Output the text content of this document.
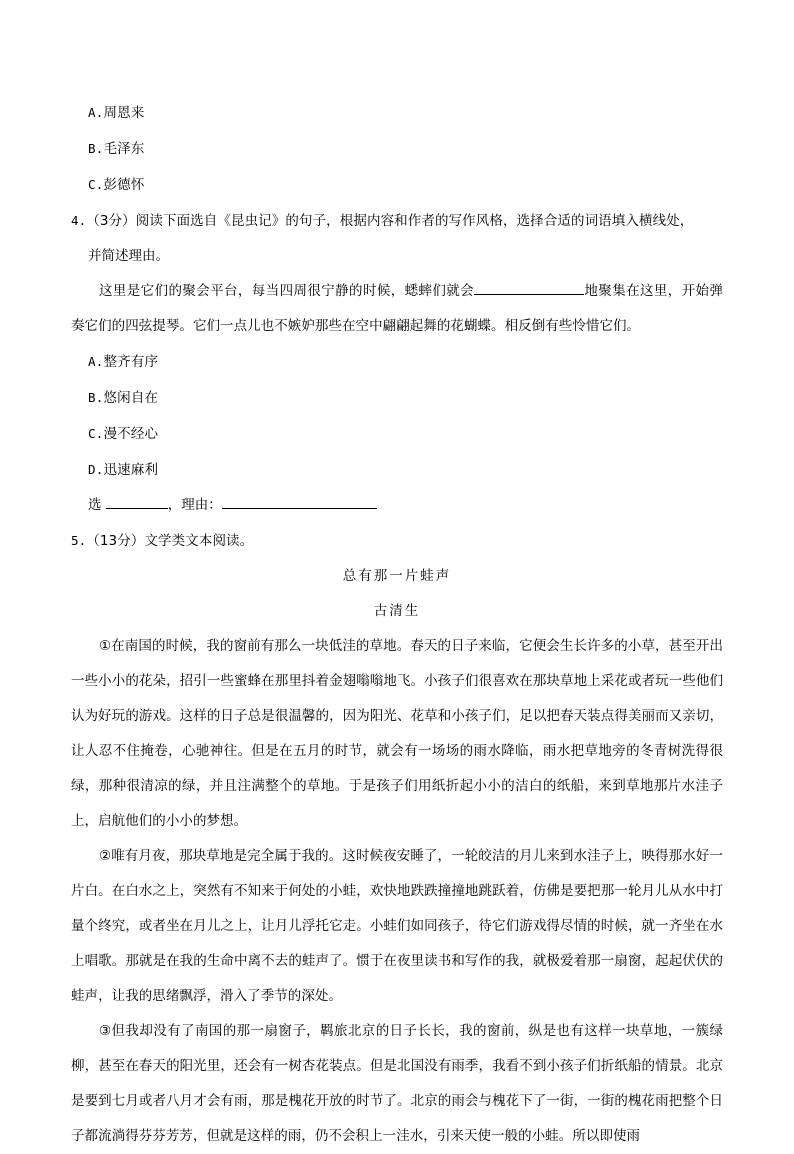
A.周恩来
B.毛泽东
C.彭德怀
4.（3分）阅读下面选自《昆虫记》的句子，根据内容和作者的写作风格，选择合适的词语填入横线处，
并简述理由。
这里是它们的聚会平台，每当四周很宁静的时候，蟋蟀们就会	地聚集在这里，开始弹奏它们的四弦提琴。它们一点儿也不嫉妒那些在空中翩翩起舞的花蝴蝶。相反倒有些怜惜它们。
A.整齐有序
B.悠闲自在
C.漫不经心
D.迅速麻利
选	，理由：
5.（13分）文学类文本阅读。
总有那一片蛙声
古清生

①在南国的时候，我的窗前有那么一块低洼的草地。春天的日子来临，它便会生长许多的小草，甚至开出一些小小的花朵，招引一些蜜蜂在那里抖着金翅嗡嗡地飞。小孩子们很喜欢在那块草地上采花或者玩一些他们认为好玩的游戏。这样的日子总是很温馨的，因为阳光、花草和小孩子们，足以把春天装点得美丽而又亲切，让人忍不住掩卷，心驰神往。但是在五月的时节，就会有一场场的雨水降临，雨水把草地旁的冬青树洗得很绿，那种很清凉的绿，并且注满整个的草地。于是孩子们用纸折起小小的洁白的纸船，来到草地那片水洼子上，启航他们的小小的梦想。

②唯有月夜，那块草地是完全属于我的。这时候夜安睡了，一轮皎洁的月儿来到水洼子上，映得那水好一片白。在白水之上，突然有不知来于何处的小蛙，欢快地跌跌撞撞地跳跃着，仿佛是要把那一轮月儿从水中打量个终究，或者坐在月儿之上，让月儿浮托它走。小蛙们如同孩子，待它们游戏得尽情的时候，就一齐坐在水上唱歌。那就是在我的生命中离不去的蛙声了。惯于在夜里读书和写作的我，就极爱着那一扇窗，起起伏伏的蛙声，让我的思绪飘浮，滑入了季节的深处。

③但我却没有了南国的那一扇窗子，羁旅北京的日子长长，我的窗前，纵是也有这样一块草地，一簇绿柳，甚至在春天的阳光里，还会有一树杏花装点。但是北国没有雨季，我看不到小孩子们折纸船的情景。北京是要到七月或者八月才会有雨，那是槐花开放的时节了。北京的雨会与槐花下了一街，一街的槐花雨把整个日子都流淌得芬芬芳芳，但就是这样的雨，仍不会积上一洼水，引来天使一般的小蛙。所以即使雨
